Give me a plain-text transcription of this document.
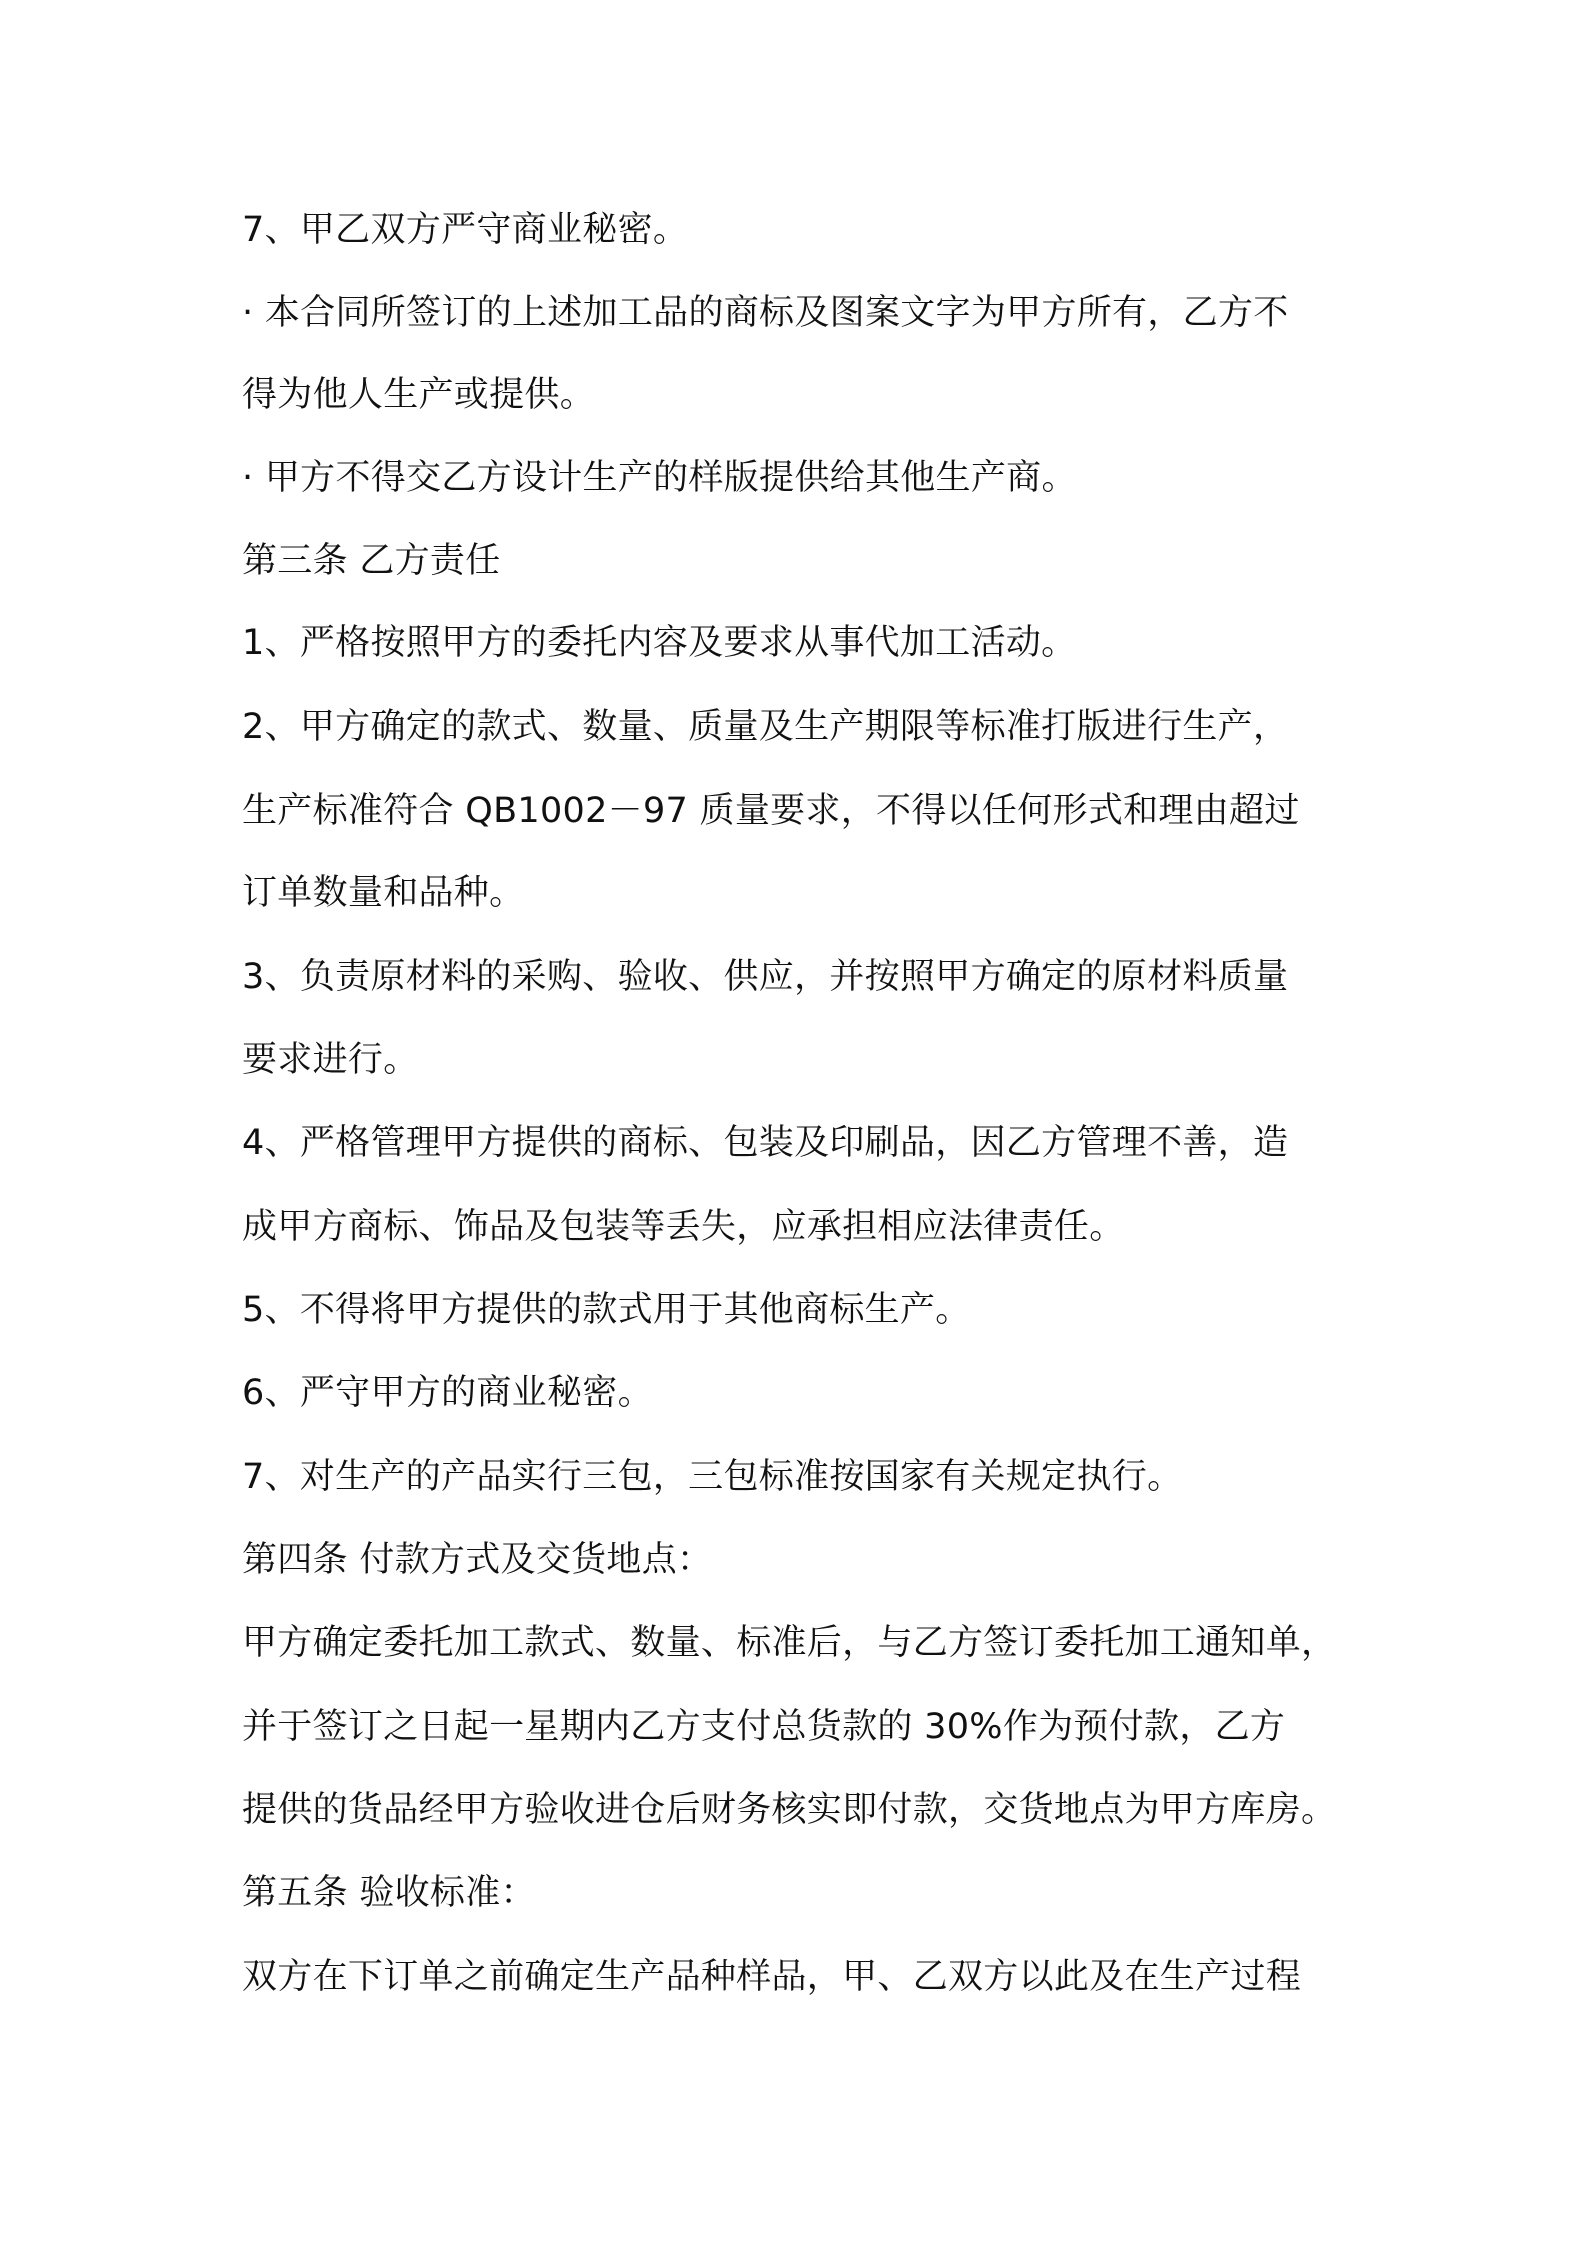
7、甲乙双方严守商业秘密。
· 本合同所签订的上述加工品的商标及图案文字为甲方所有，乙方不
得为他人生产或提供。
· 甲方不得交乙方设计生产的样版提供给其他生产商。
第三条 乙方责任
1、严格按照甲方的委托内容及要求从事代加工活动。
2、甲方确定的款式、数量、质量及生产期限等标准打版进行生产，
生产标准符合 QB1002－97 质量要求，不得以任何形式和理由超过
订单数量和品种。
3、负责原材料的采购、验收、供应，并按照甲方确定的原材料质量
要求进行。
4、严格管理甲方提供的商标、包装及印刷品，因乙方管理不善，造
成甲方商标、饰品及包装等丢失，应承担相应法律责任。
5、不得将甲方提供的款式用于其他商标生产。
6、严守甲方的商业秘密。
7、对生产的产品实行三包，三包标准按国家有关规定执行。
第四条 付款方式及交货地点：
甲方确定委托加工款式、数量、标准后，与乙方签订委托加工通知单，
并于签订之日起一星期内乙方支付总货款的 30%作为预付款，乙方
提供的货品经甲方验收进仓后财务核实即付款，交货地点为甲方库房。
第五条 验收标准：
双方在下订单之前确定生产品种样品，甲、乙双方以此及在生产过程
